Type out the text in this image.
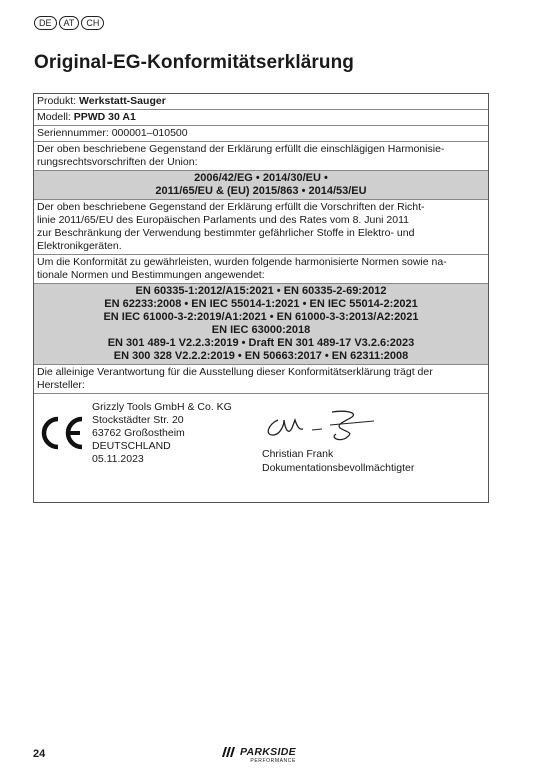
DE	AT	CH
Original-EG-Konformitätserklärung
Produkt: Werkstatt-Sauger
Modell: PPWD 30 A1
Seriennummer: 000001–010500
Der oben beschriebene Gegenstand der Erklärung erfüllt die einschlägigen Harmonisie-
rungsrechtsvorschriften der Union:
2006/42/EG • 2014/30/EU •
2011/65/EU & (EU) 2015/863 • 2014/53/EU
Der oben beschriebene Gegenstand der Erklärung erfüllt die Vorschriften der Richt-
linie 2011/65/EU des Europäischen Parlaments und des Rates vom 8. Juni 2011
zur Beschränkung der Verwendung bestimmter gefährlicher Stoffe in Elektro- und
Elektronikgeräten.
Um die Konformität zu gewährleisten, wurden folgende harmonisierte Normen sowie na-
tionale Normen und Bestimmungen angewendet:
EN 60335-1:2012/A15:2021 • EN 60335-2-69:2012
EN 62233:2008 • EN IEC 55014-1:2021 • EN IEC 55014-2:2021
EN IEC 61000-3-2:2019/A1:2021 • EN 61000-3-3:2013/A2:2021
EN IEC 63000:2018
EN 301 489-1 V2.2.3:2019 • Draft EN 301 489-17 V3.2.6:2023
EN 300 328 V2.2.2:2019 • EN 50663:2017 • EN 62311:2008
Die alleinige Verantwortung für die Ausstellung dieser Konformitätserklärung trägt der
Hersteller:
Grizzly Tools GmbH & Co. KG
Stockstädter Str. 20
63762 Großostheim
DEUTSCHLAND
05.11.2023	Christian Frank
Dokumentationsbevollmächtigter
24	PARKSIDE
PERFORMANCE
